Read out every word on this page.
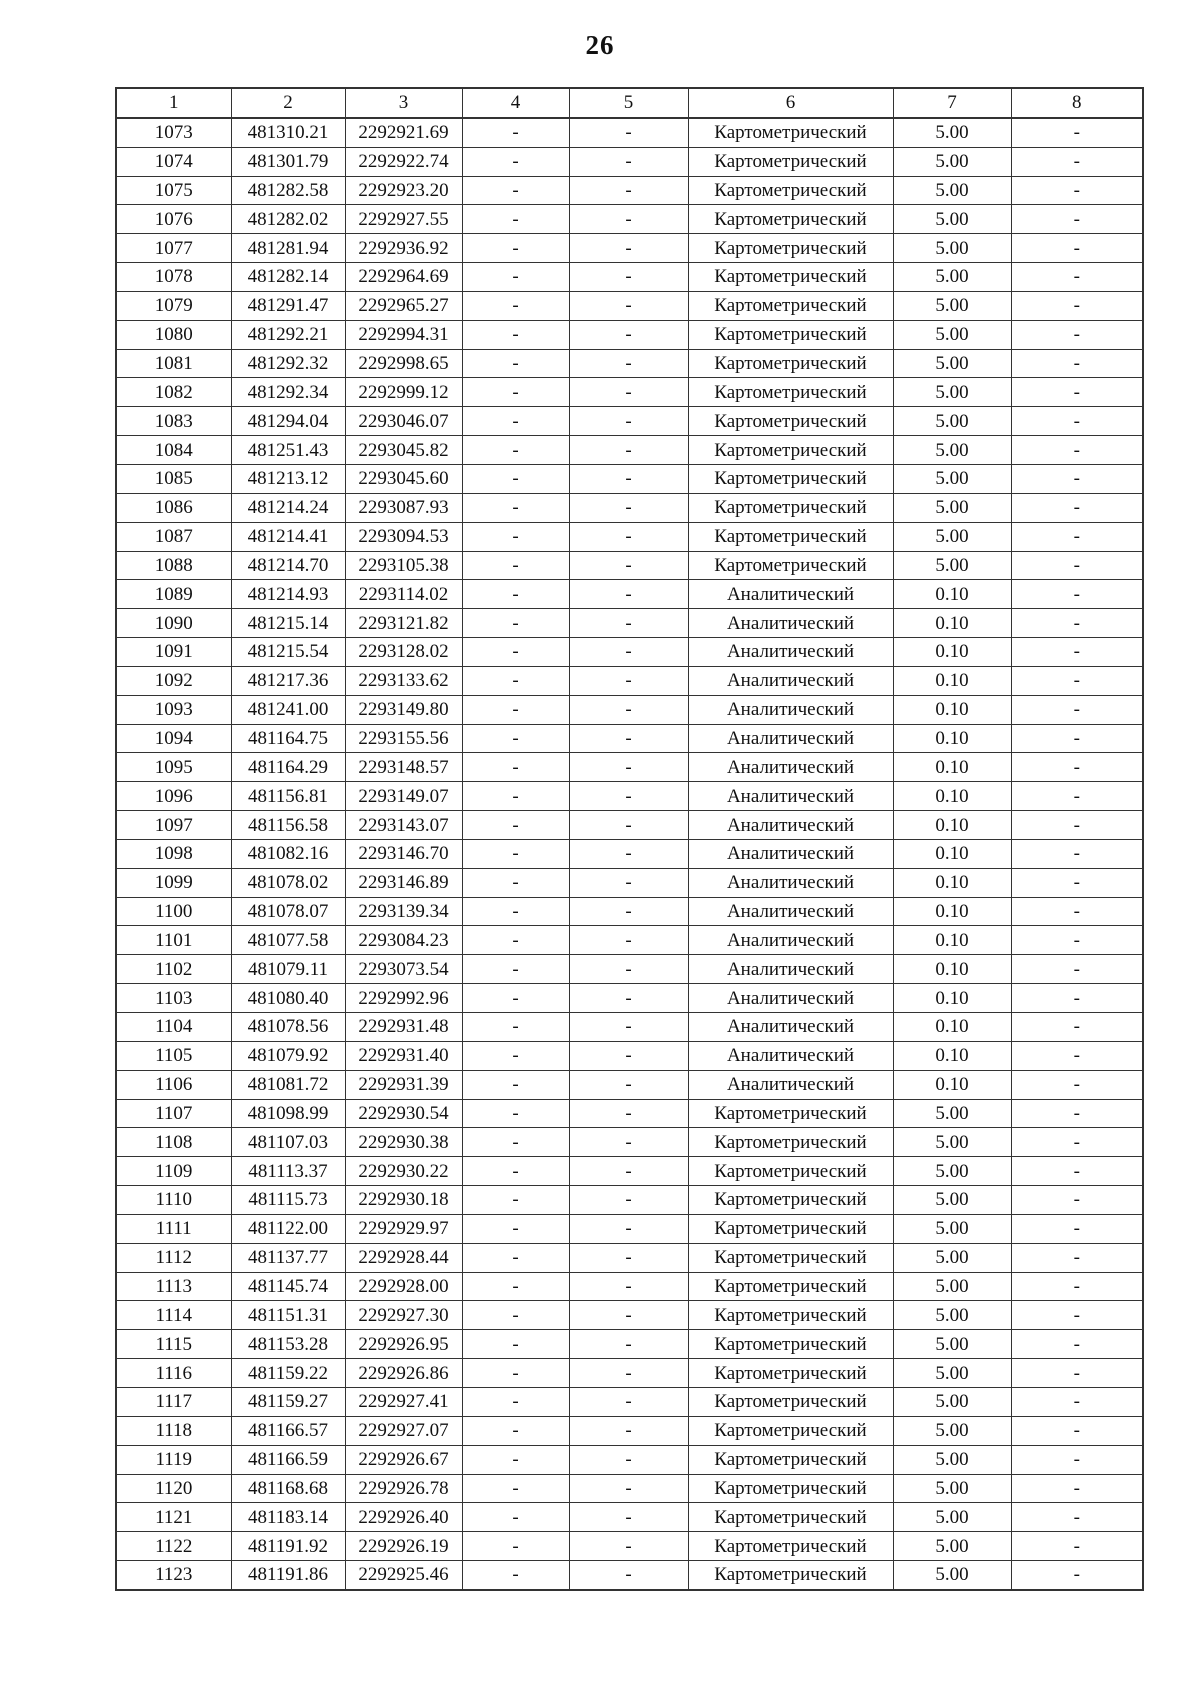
26
1	2	3	4	5	6	7	8
1073	481310.21	2292921.69	-	-	Картометрический	5.00	-
1074	481301.79	2292922.74	-	-	Картометрический	5.00	-
1075	481282.58	2292923.20	-	-	Картометрический	5.00	-
1076	481282.02	2292927.55	-	-	Картометрический	5.00	-
1077	481281.94	2292936.92	-	-	Картометрический	5.00	-
1078	481282.14	2292964.69	-	-	Картометрический	5.00	-
1079	481291.47	2292965.27	-	-	Картометрический	5.00	-
1080	481292.21	2292994.31	-	-	Картометрический	5.00	-
1081	481292.32	2292998.65	-	-	Картометрический	5.00	-
1082	481292.34	2292999.12	-	-	Картометрический	5.00	-
1083	481294.04	2293046.07	-	-	Картометрический	5.00	-
1084	481251.43	2293045.82	-	-	Картометрический	5.00	-
1085	481213.12	2293045.60	-	-	Картометрический	5.00	-
1086	481214.24	2293087.93	-	-	Картометрический	5.00	-
1087	481214.41	2293094.53	-	-	Картометрический	5.00	-
1088	481214.70	2293105.38	-	-	Картометрический	5.00	-
1089	481214.93	2293114.02	-	-	Аналитический	0.10	-
1090	481215.14	2293121.82	-	-	Аналитический	0.10	-
1091	481215.54	2293128.02	-	-	Аналитический	0.10	-
1092	481217.36	2293133.62	-	-	Аналитический	0.10	-
1093	481241.00	2293149.80	-	-	Аналитический	0.10	-
1094	481164.75	2293155.56	-	-	Аналитический	0.10	-
1095	481164.29	2293148.57	-	-	Аналитический	0.10	-
1096	481156.81	2293149.07	-	-	Аналитический	0.10	-
1097	481156.58	2293143.07	-	-	Аналитический	0.10	-
1098	481082.16	2293146.70	-	-	Аналитический	0.10	-
1099	481078.02	2293146.89	-	-	Аналитический	0.10	-
1100	481078.07	2293139.34	-	-	Аналитический	0.10	-
1101	481077.58	2293084.23	-	-	Аналитический	0.10	-
1102	481079.11	2293073.54	-	-	Аналитический	0.10	-
1103	481080.40	2292992.96	-	-	Аналитический	0.10	-
1104	481078.56	2292931.48	-	-	Аналитический	0.10	-
1105	481079.92	2292931.40	-	-	Аналитический	0.10	-
1106	481081.72	2292931.39	-	-	Аналитический	0.10	-
1107	481098.99	2292930.54	-	-	Картометрический	5.00	-
1108	481107.03	2292930.38	-	-	Картометрический	5.00	-
1109	481113.37	2292930.22	-	-	Картометрический	5.00	-
1110	481115.73	2292930.18	-	-	Картометрический	5.00	-
1111	481122.00	2292929.97	-	-	Картометрический	5.00	-
1112	481137.77	2292928.44	-	-	Картометрический	5.00	-
1113	481145.74	2292928.00	-	-	Картометрический	5.00	-
1114	481151.31	2292927.30	-	-	Картометрический	5.00	-
1115	481153.28	2292926.95	-	-	Картометрический	5.00	-
1116	481159.22	2292926.86	-	-	Картометрический	5.00	-
1117	481159.27	2292927.41	-	-	Картометрический	5.00	-
1118	481166.57	2292927.07	-	-	Картометрический	5.00	-
1119	481166.59	2292926.67	-	-	Картометрический	5.00	-
1120	481168.68	2292926.78	-	-	Картометрический	5.00	-
1121	481183.14	2292926.40	-	-	Картометрический	5.00	-
1122	481191.92	2292926.19	-	-	Картометрический	5.00	-
1123	481191.86	2292925.46	-	-	Картометрический	5.00	-
